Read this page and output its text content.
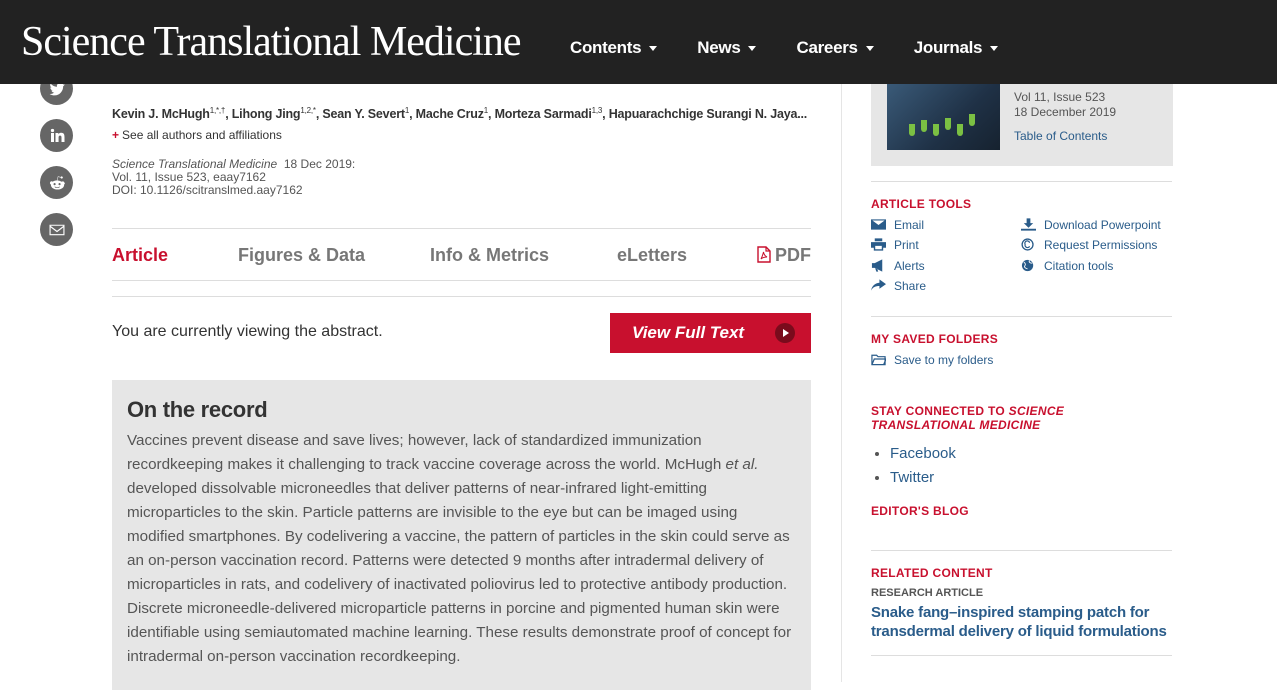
Science Translational Medicine	Contents	News	Careers	Journals
Kevin J. McHugh$^{1,*,\dagger}$, Lihong Jing$^{1,2,*}$, Sean Y. Severt$^1$, Mache Cruz$^1$, Morteza Sarmadi$^{1,3}$, Hapuarachchige Surangi N. Jaya...
+ See all authors and affiliations
Science Translational Medicine 18 Dec 2019:
Vol. 11, Issue 523, eaay7162
DOI: 10.1126/scitranslmed.aay7162
Article	Figures & Data	Info & Metrics	eLetters	PDF
You are currently viewing the abstract.	View Full Text
On the record
Vaccines prevent disease and save lives; however, lack of standardized immunization recordkeeping makes it challenging to track vaccine coverage across the world. McHugh et al. developed dissolvable microneedles that deliver patterns of near-infrared light-emitting microparticles to the skin. Particle patterns are invisible to the eye but can be imaged using modified smartphones. By codelivering a vaccine, the pattern of particles in the skin could serve as an on-person vaccination record. Patterns were detected 9 months after intradermal delivery of microparticles in rats, and codelivery of inactivated poliovirus led to protective antibody production. Discrete microneedle-delivered microparticle patterns in porcine and pigmented human skin were identifiable using semiautomated machine learning. These results demonstrate proof of concept for intradermal on-person vaccination recordkeeping.
Vol 11, Issue 523
18 December 2019
Table of Contents
ARTICLE TOOLS
Email
Print
Alerts
Share
Download Powerpoint
Request Permissions
Citation tools
MY SAVED FOLDERS
Save to my folders
STAY CONNECTED TO SCIENCE TRANSLATIONAL MEDICINE
• Facebook
• Twitter
EDITOR'S BLOG
RELATED CONTENT
RESEARCH ARTICLE
Snake fang–inspired stamping patch for transdermal delivery of liquid formulations
